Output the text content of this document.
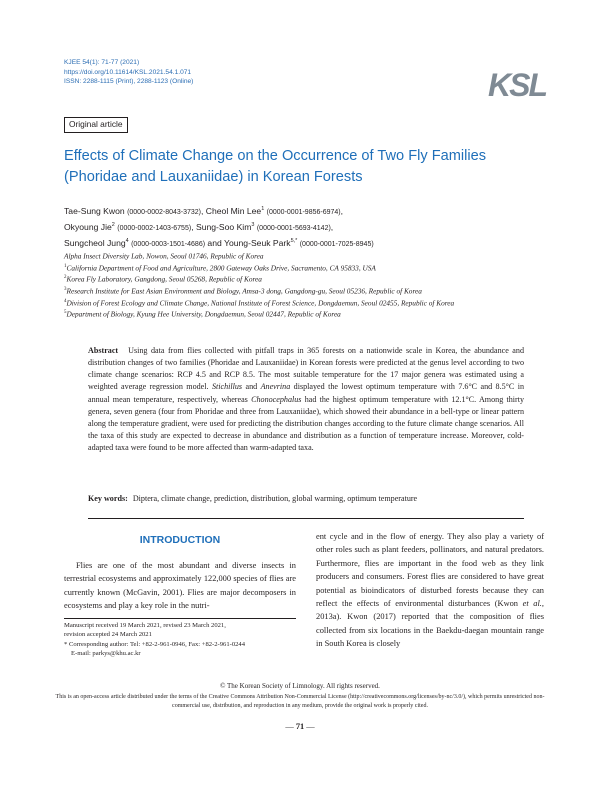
KJEE 54(1): 71-77 (2021)
https://doi.org/10.11614/KSL.2021.54.1.071
ISSN: 2288-1115 (Print), 2288-1123 (Online)	KSL
Original article
Effects of Climate Change on the Occurrence of Two Fly Families (Phoridae and Lauxaniidae) in Korean Forests
Tae-Sung Kwon (0000-0002-8043-3732), Cheol Min Lee$^1$ (0000-0001-9856-6974),
Okyoung Jie$^2$ (0000-0002-1403-6755), Sung-Soo Kim$^3$ (0000-0001-5693-4142),
Sungcheol Jung$^4$ (0000-0003-1501-4686) and Young-Seuk Park$^{5,*}$ (0000-0001-7025-8945)
Alpha Insect Diversity Lab, Nowon, Seoul 01746, Republic of Korea
$^1$California Department of Food and Agriculture, 2800 Gateway Oaks Drive, Sacramento, CA 95833, USA
$^2$Korea Fly Laboratory, Gangdong, Seoul 05268, Republic of Korea
$^3$Research Institute for East Asian Environment and Biology, Amsa-3 dong, Gangdong-gu, Seoul 05236, Republic of Korea
$^4$Division of Forest Ecology and Climate Change, National Institute of Forest Science, Dongdaemun, Seoul 02455, Republic of Korea
$^5$Department of Biology, Kyung Hee University, Dongdaemun, Seoul 02447, Republic of Korea
Abstract Using data from flies collected with pitfall traps in 365 forests on a nationwide scale in Korea, the abundance and distribution changes of two families (Phoridae and Lauxaniidae) in Korean forests were predicted at the genus level according to two climate change scenarios: RCP 4.5 and RCP 8.5. The most suitable temperature for the 17 major genera was estimated using a weighted average regression model. Stichillus and Anevrina displayed the lowest optimum temperature with 7.6°C and 8.5°C in annual mean temperature, respectively, whereas Chonocephalus had the highest optimum temperature with 12.1°C. Among thirty genera, seven genera (four from Phoridae and three from Lauxaniidae), which showed their abundance in a bell-type or linear pattern along the temperature gradient, were used for predicting the distribution changes according to the future climate change scenarios. All the taxa of this study are expected to decrease in abundance and distribution as a function of temperature increase. Moreover, cold-adapted taxa were found to be more affected than warm-adapted taxa.
Key words: Diptera, climate change, prediction, distribution, global warming, optimum temperature
INTRODUCTION

Flies are one of the most abundant and diverse insects in terrestrial ecosystems and approximately 122,000 species of flies are currently known (McGavin, 2001). Flies are major decomposers in ecosystems and play a key role in the nutri-

ent cycle and in the flow of energy. They also play a variety of other roles such as plant feeders, pollinators, and natural predators. Furthermore, flies are important in the food web as they link producers and consumers. Forest flies are considered to have great potential as bioindicators of disturbed forests because they can reflect the effects of environmental disturbances (Kwon et al., 2013a). Kwon (2017) reported that the composition of flies collected from six locations in the Baekdu-daegan mountain range in South Korea is closely

Manuscript received 19 March 2021, revised 23 March 2021,
revision accepted 24 March 2021
* Corresponding author: Tel: +82-2-961-0946, Fax: +82-2-961-0244
E-mail: parkys@khu.ac.kr
© The Korean Society of Limnology. All rights reserved.
This is an open-access article distributed under the terms of the Creative Commons Attribution Non-Commercial License (http://creativecommons.org/licenses/by-nc/3.0/), which permits unrestricted non-commercial use, distribution, and reproduction in any medium, provide the original work is properly cited.
— 71 —
